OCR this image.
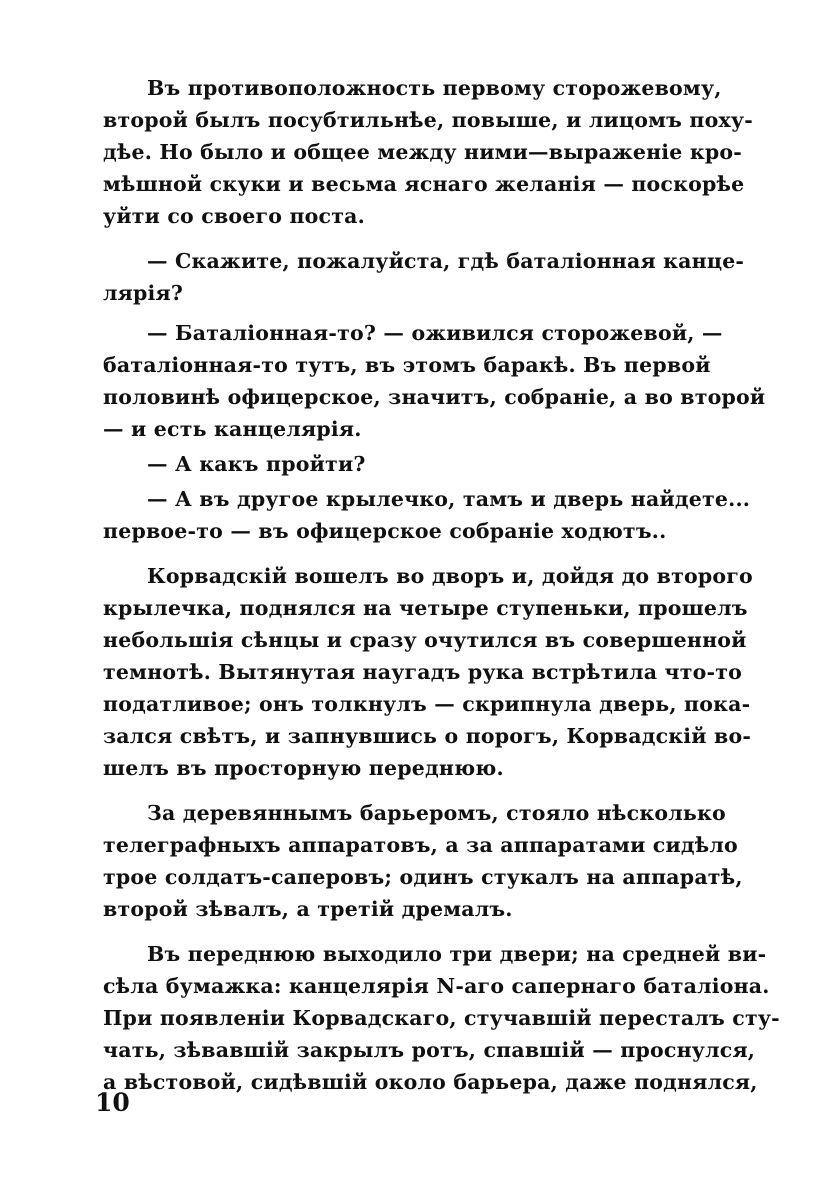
Въ противоположность первому сторожевому,
второй былъ посубтильнѣе, повыше, и лицомъ поху-
дѣе. Но было и общее между ними—выраженіе кро-
мѣшной скуки и весьма яснаго желанія — поскорѣе
уйти со своего поста.
— Скажите, пожалуйста, гдѣ баталіонная канце-
лярія?
— Баталіонная-то? — оживился сторожевой, —
баталіонная-то тутъ, въ этомъ баракѣ. Въ первой
половинѣ офицерское, значитъ, собраніе, а во второй
— и есть канцелярія.
— А какъ пройти?
— А въ другое крылечко, тамъ и дверь найдете...
первое-то — въ офицерское собраніе ходютъ..
Корвадскій вошелъ во дворъ и, дойдя до второго
крылечка, поднялся на четыре ступеньки, прошелъ
небольшія сѣнцы и сразу очутился въ совершенной
темнотѣ. Вытянутая наугадъ рука встрѣтила что-то
податливое; онъ толкнулъ — скрипнула дверь, пока-
зался свѣтъ, и запнувшись о порогъ, Корвадскій во-
шелъ въ просторную переднюю.
За деревяннымъ барьеромъ, стояло нѣсколько
телеграфныхъ аппаратовъ, а за аппаратами сидѣло
трое солдатъ-саперовъ; одинъ стукалъ на аппаратѣ,
второй зѣвалъ, а третій дремалъ.
Въ переднюю выходило три двери; на средней ви-
сѣла бумажка: канцелярія N-аго сапернаго баталіона.
При появленіи Корвадскаго, стучавшій пересталъ сту-
чать, зѣвавшій закрылъ ротъ, спавшій — проснулся,
а вѣстовой, сидѣвшій около барьера, даже поднялся,
10
